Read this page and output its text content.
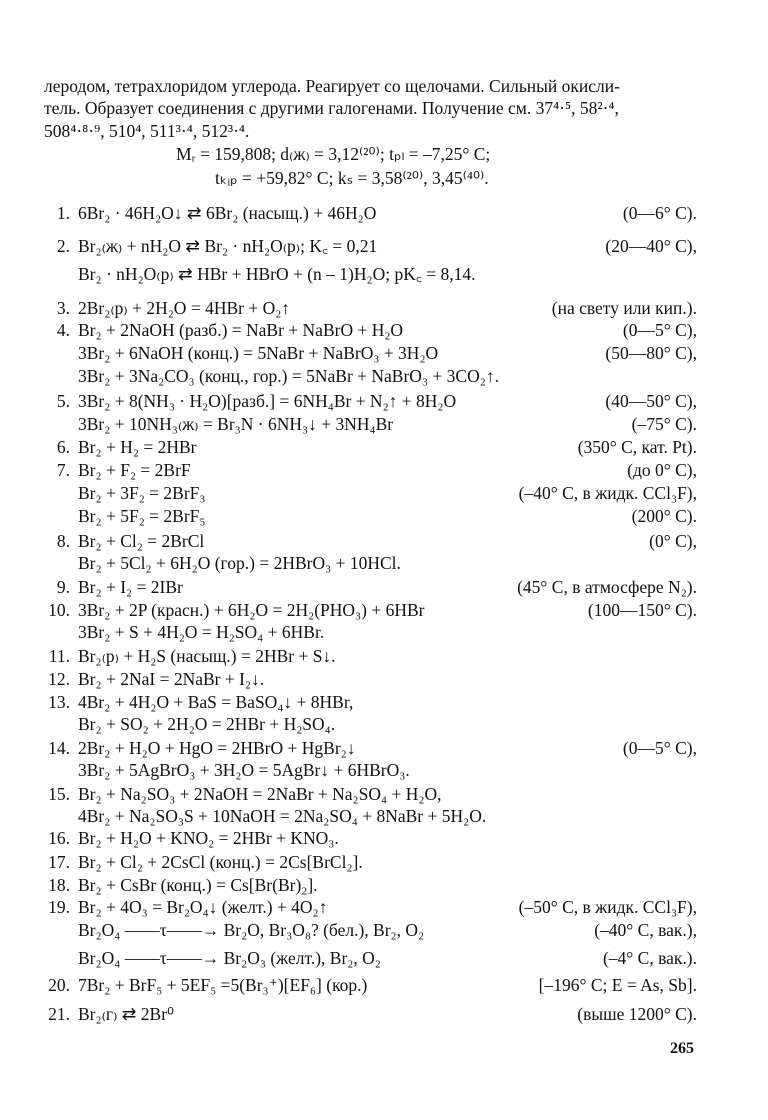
леродом, тетрахлоридом углерода. Реагирует со щелочами. Сильный окисли-
тель. Образует соединения с другими галогенами. Получение см. 37⁴·⁵, 58²·⁴,
508⁴·⁸·⁹, 510⁴, 511³·⁴, 512³·⁴.
Mᵣ = 159,808; d₍ж₎ = 3,12⁽²⁰⁾; tₚₗ = –7,25° C;
tₖᵢₚ = +59,82° C; kₛ = 3,58⁽²⁰⁾, 3,45⁽⁴⁰⁾.
1. 6Br₂ · 46H₂O↓ ⇄ 6Br₂ (насыщ.) + 46H₂O	(0—6° C).
2. Br₂₍ж₎ + nH₂O ⇄ Br₂ · nH₂O₍р₎; K꜀ = 0,21	(20—40° C),
Br₂ · nH₂O₍р₎ ⇄ HBr + HBrO + (n – 1)H₂O; pK꜀ = 8,14.
3. 2Br₂₍р₎ + 2H₂O = 4HBr + O₂↑	(на свету или кип.).
4. Br₂ + 2NaOH (разб.) = NaBr + NaBrO + H₂O	(0—5° C),
3Br₂ + 6NaOH (конц.) = 5NaBr + NaBrO₃ + 3H₂O	(50—80° C),
3Br₂ + 3Na₂CO₃ (конц., гор.) = 5NaBr + NaBrO₃ + 3CO₂↑.
5. 3Br₂ + 8(NH₃ · H₂O)[разб.] = 6NH₄Br + N₂↑ + 8H₂O	(40—50° C),
3Br₂ + 10NH₃₍ж₎ = Br₃N · 6NH₃↓ + 3NH₄Br	(–75° C).
6. Br₂ + H₂ = 2HBr	(350° C, кат. Pt).
7. Br₂ + F₂ = 2BrF	(до 0° C),
Br₂ + 3F₂ = 2BrF₃	(–40° C, в жидк. CCl₃F),
Br₂ + 5F₂ = 2BrF₅	(200° C).
8. Br₂ + Cl₂ = 2BrCl	(0° C),
Br₂ + 5Cl₂ + 6H₂O (гор.) = 2HBrO₃ + 10HCl.
9. Br₂ + I₂ = 2IBr	(45° C, в атмосфере N₂).
10. 3Br₂ + 2P (красн.) + 6H₂O = 2H₂(PHO₃) + 6HBr	(100—150° C).
3Br₂ + S + 4H₂O = H₂SO₄ + 6HBr.
11. Br₂₍р₎ + H₂S (насыщ.) = 2HBr + S↓.
12. Br₂ + 2NaI = 2NaBr + I₂↓.
13. 4Br₂ + 4H₂O + BaS = BaSO₄↓ + 8HBr,
Br₂ + SO₂ + 2H₂O = 2HBr + H₂SO₄.
14. 2Br₂ + H₂O + HgO = 2HBrO + HgBr₂↓	(0—5° C),
3Br₂ + 5AgBrO₃ + 3H₂O = 5AgBr↓ + 6HBrO₃.
15. Br₂ + Na₂SO₃ + 2NaOH = 2NaBr + Na₂SO₄ + H₂O,
4Br₂ + Na₂SO₃S + 10NaOH = 2Na₂SO₄ + 8NaBr + 5H₂O.
16. Br₂ + H₂O + KNO₂ = 2HBr + KNO₃.
17. Br₂ + Cl₂ + 2CsCl (конц.) = 2Cs[BrCl₂].
18. Br₂ + CsBr (конц.) = Cs[Br(Br)₂].
19. Br₂ + 4O₃ = Br₂O₄↓ (желт.) + 4O₂↑	(–50° C, в жидк. CCl₃F),
Br₂O₄ ——τ——→ Br₂O, Br₃O₈? (бел.), Br₂, O₂	(–40° C, вак.),
Br₂O₄ ——τ——→ Br₂O₃ (желт.), Br₂, O₂	(–4° C, вак.).
20. 7Br₂ + BrF₅ + 5EF₅ =5(Br₃⁺)[EF₆] (кор.)	[–196° C; E = As, Sb].
21. Br₂₍г₎ ⇄ 2Br⁰	(выше 1200° C).
265
